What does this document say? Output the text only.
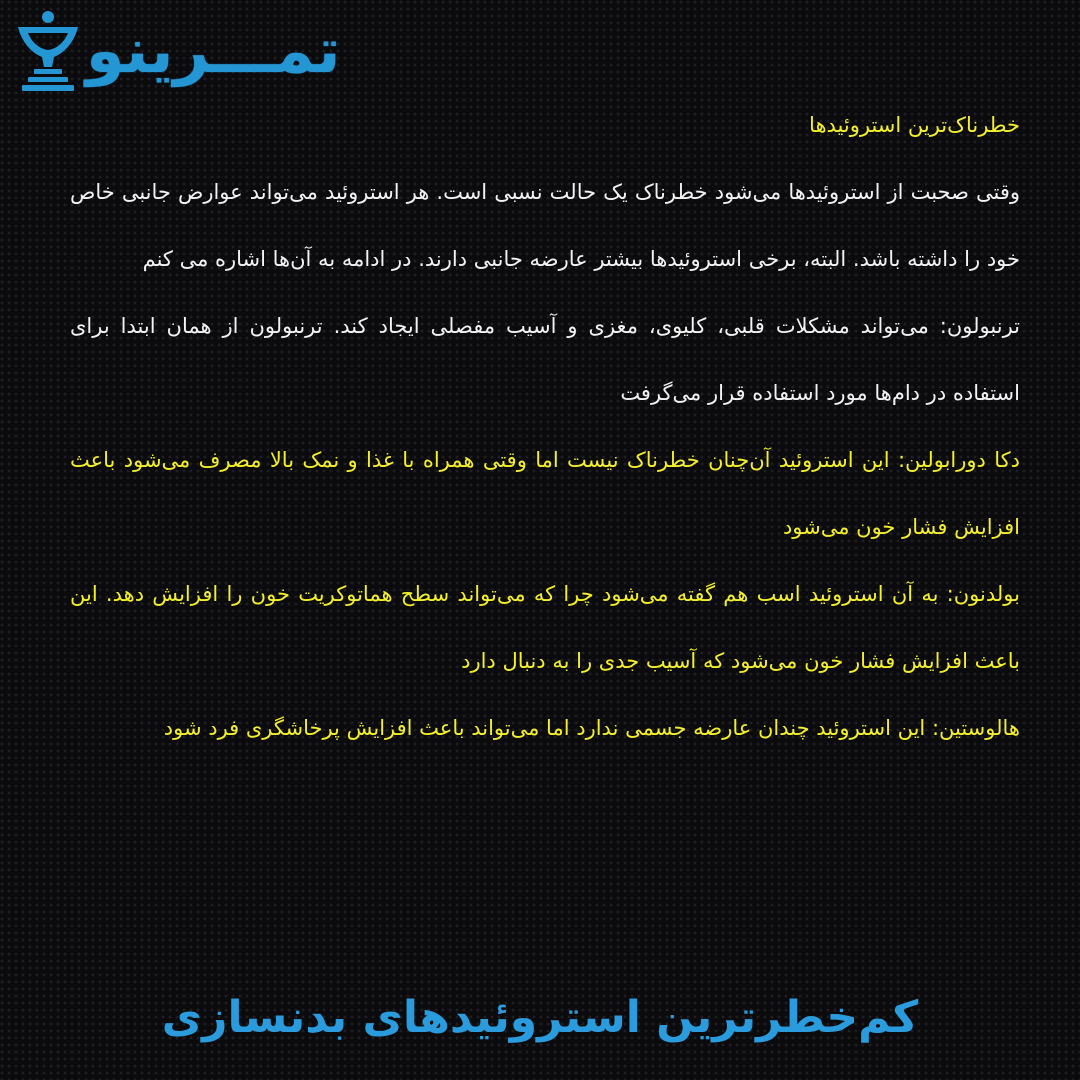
تمـــرینو

خطرناک‌ترین استروئیدها

وقتی صحبت از استروئیدها می‌شود خطرناک یک حالت نسبی است. هر استروئید می‌تواند عوارض جانبی خاص خود را داشته باشد. البته، برخی استروئیدها بیشتر عارضه جانبی دارند. در ادامه به آن‌ها اشاره می کنم

ترنبولون: می‌تواند مشکلات قلبی، کلیوی، مغزی و آسیب مفصلی ایجاد کند. ترنبولون از همان ابتدا برای استفاده در دام‌ها مورد استفاده قرار می‌گرفت

دکا دورابولین: این استروئید آن‌چنان خطرناک نیست اما وقتی همراه با غذا و نمک بالا مصرف می‌شود باعث افزایش فشار خون می‌شود

بولدنون: به آن استروئید اسب هم گفته می‌شود چرا که می‌تواند سطح هماتوکریت خون را افزایش دهد. این باعث افزایش فشار خون می‌شود که آسیب جدی را به دنبال دارد

هالوستین: این استروئید چندان عارضه جسمی ندارد اما می‌تواند باعث افزایش پرخاشگری فرد شود

کم‌خطرترین استروئیدهای بدنسازی
